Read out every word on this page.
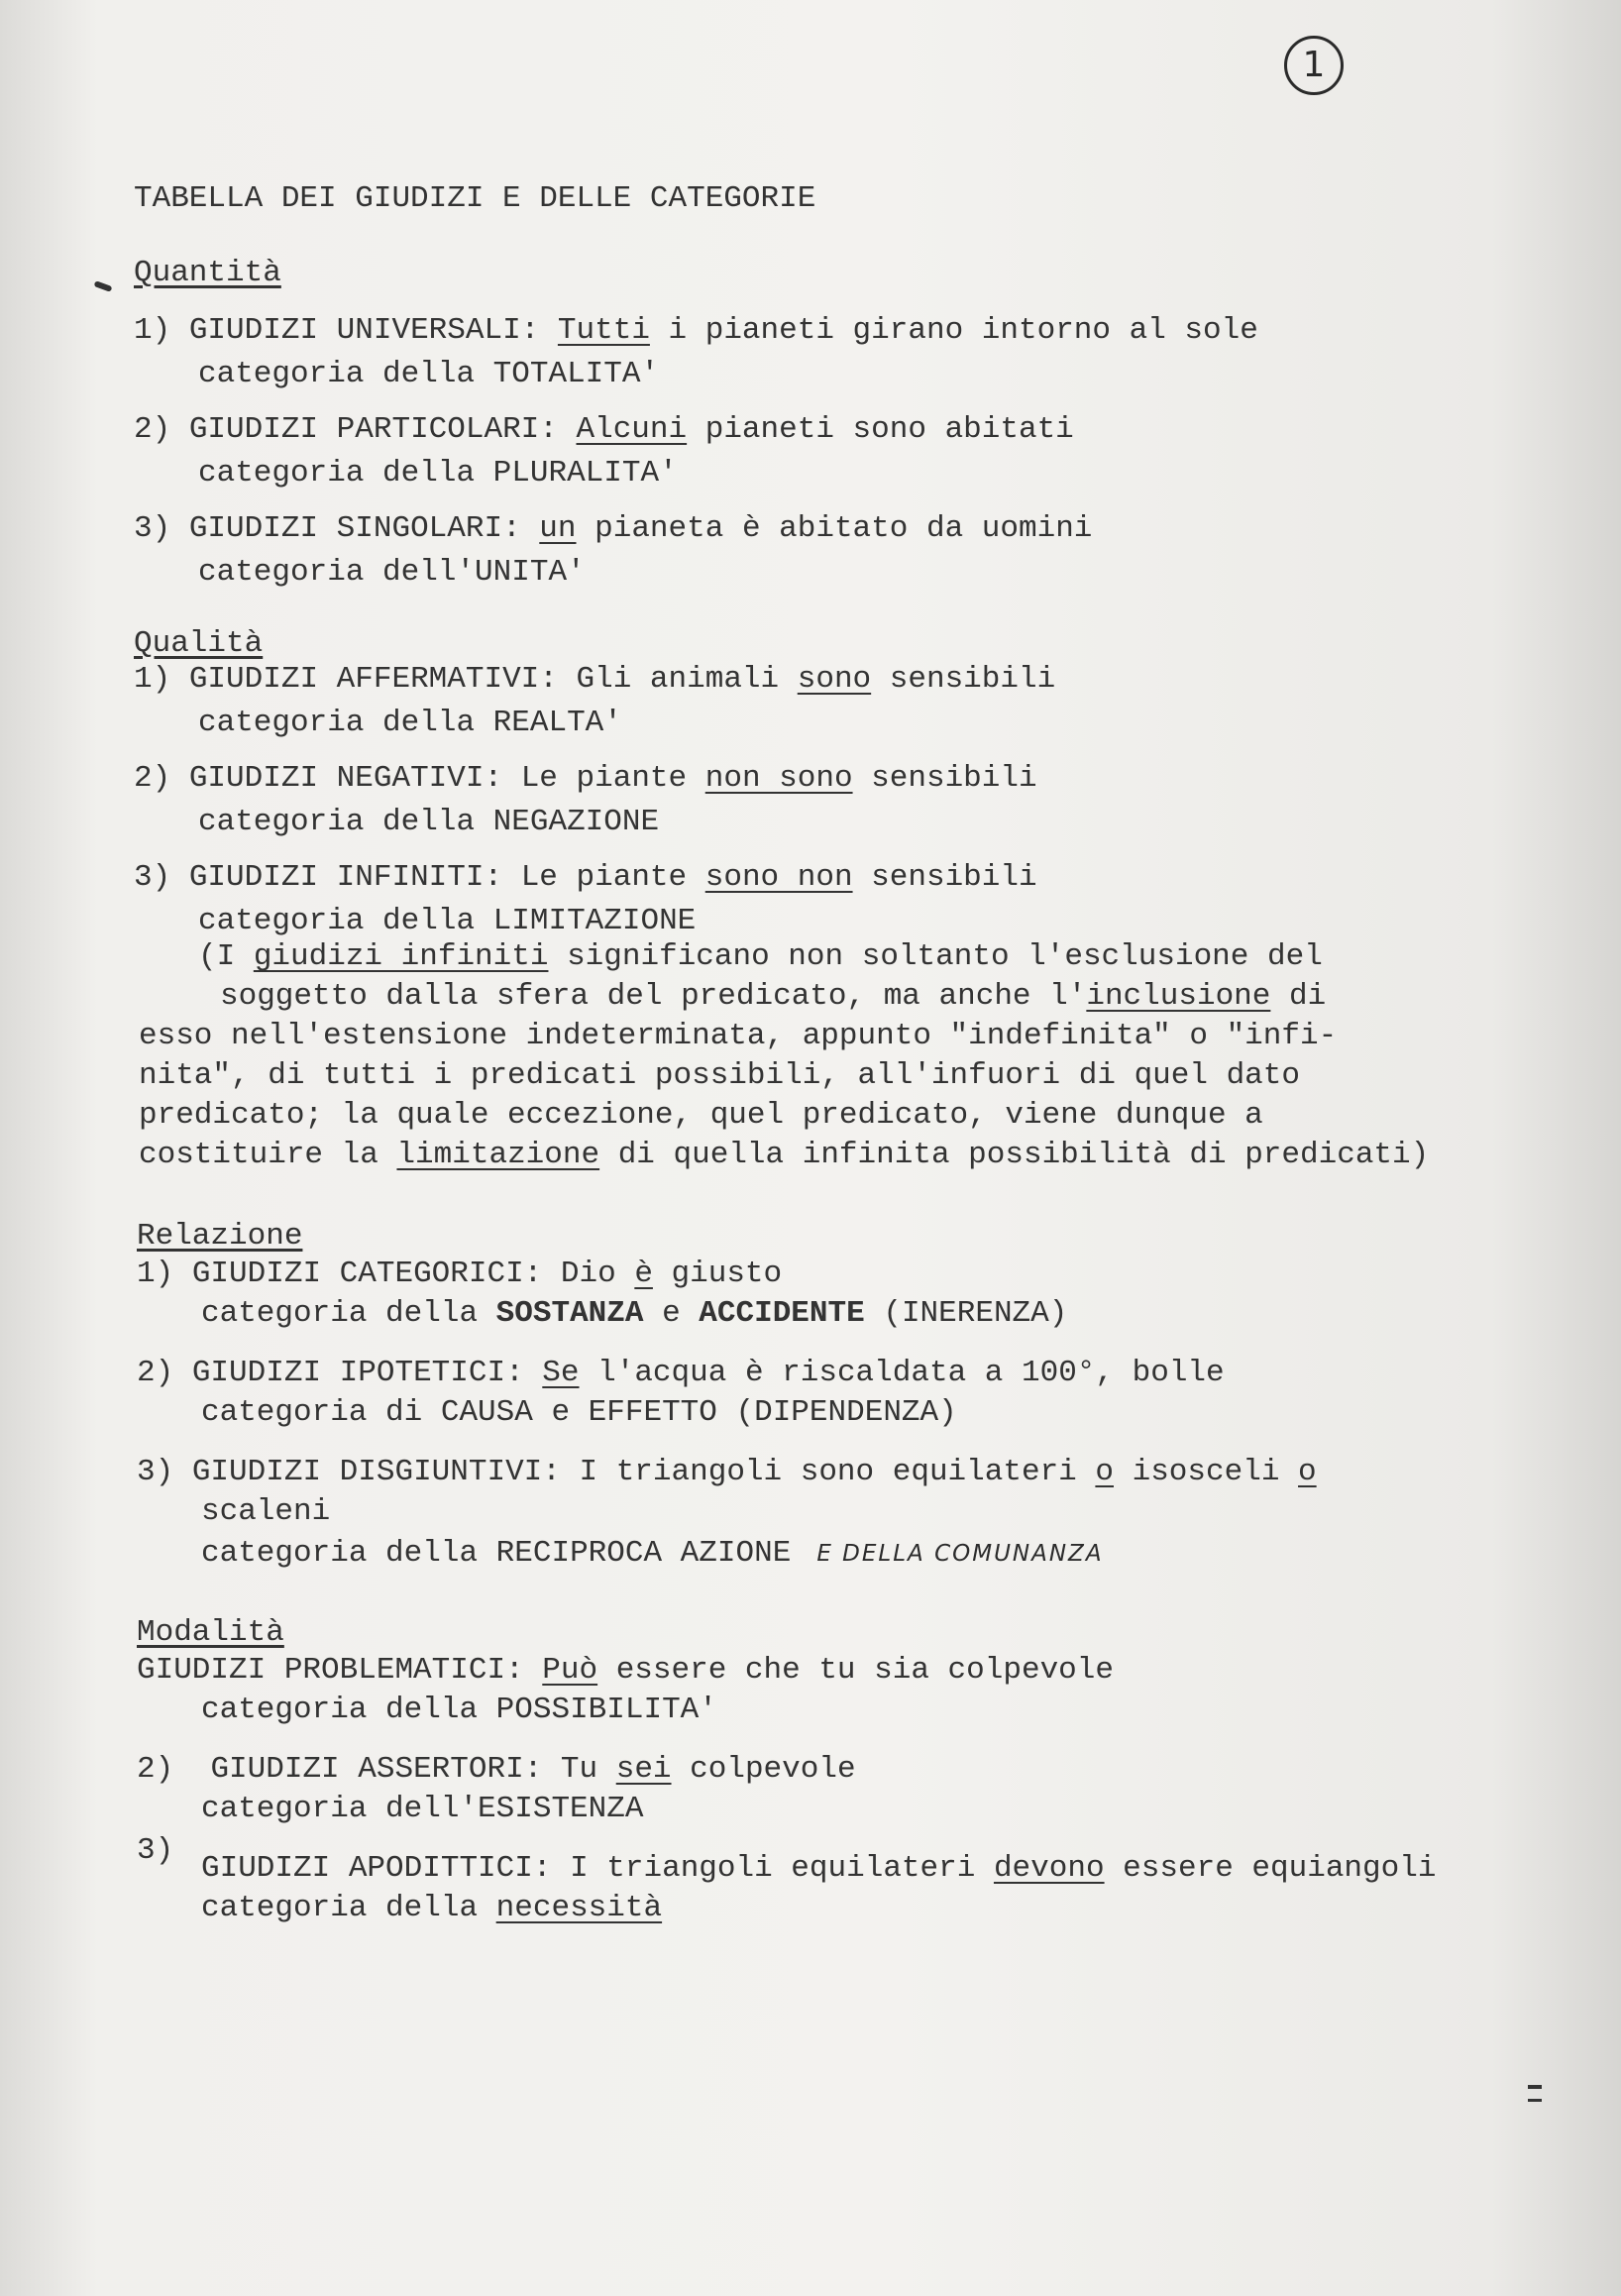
1
TABELLA DEI GIUDIZI E DELLE CATEGORIE
Quantità
1) GIUDIZI UNIVERSALI: Tutti i pianeti girano intorno al sole
categoria della TOTALITA'
2) GIUDIZI PARTICOLARI: Alcuni pianeti sono abitati
categoria della PLURALITA'
3) GIUDIZI SINGOLARI: un pianeta è abitato da uomini
categoria dell'UNITA'
Qualità
1) GIUDIZI AFFERMATIVI: Gli animali sono sensibili
categoria della REALTA'
2) GIUDIZI NEGATIVI: Le piante non sono sensibili
categoria della NEGAZIONE
3) GIUDIZI INFINITI: Le piante sono non sensibili
categoria della LIMITAZIONE
(I giudizi infiniti significano non soltanto l'esclusione del
soggetto dalla sfera del predicato, ma anche l'inclusione di
esso nell'estensione indeterminata, appunto "indefinita" o "infi-
nita", di tutti i predicati possibili, all'infuori di quel dato
predicato; la quale eccezione, quel predicato, viene dunque a
costituire la limitazione di quella infinita possibilità di predicati)
Relazione
1) GIUDIZI CATEGORICI: Dio è giusto
categoria della SOSTANZA e ACCIDENTE (INERENZA)
2) GIUDIZI IPOTETICI: Se l'acqua è riscaldata a 100°, bolle
categoria di CAUSA e EFFETTO (DIPENDENZA)
3) GIUDIZI DISGIUNTIVI: I triangoli sono equilateri o isosceli o
scaleni
categoria della RECIPROCA AZIONE E DELLA COMUNANZA
Modalità
GIUDIZI PROBLEMATICI: Può essere che tu sia colpevole
categoria della POSSIBILITA'
2) GIUDIZI ASSERTORI: Tu sei colpevole
categoria dell'ESISTENZA
3)
GIUDIZI APODITTICI: I triangoli equilateri devono essere equiangoli
categoria della necessità
